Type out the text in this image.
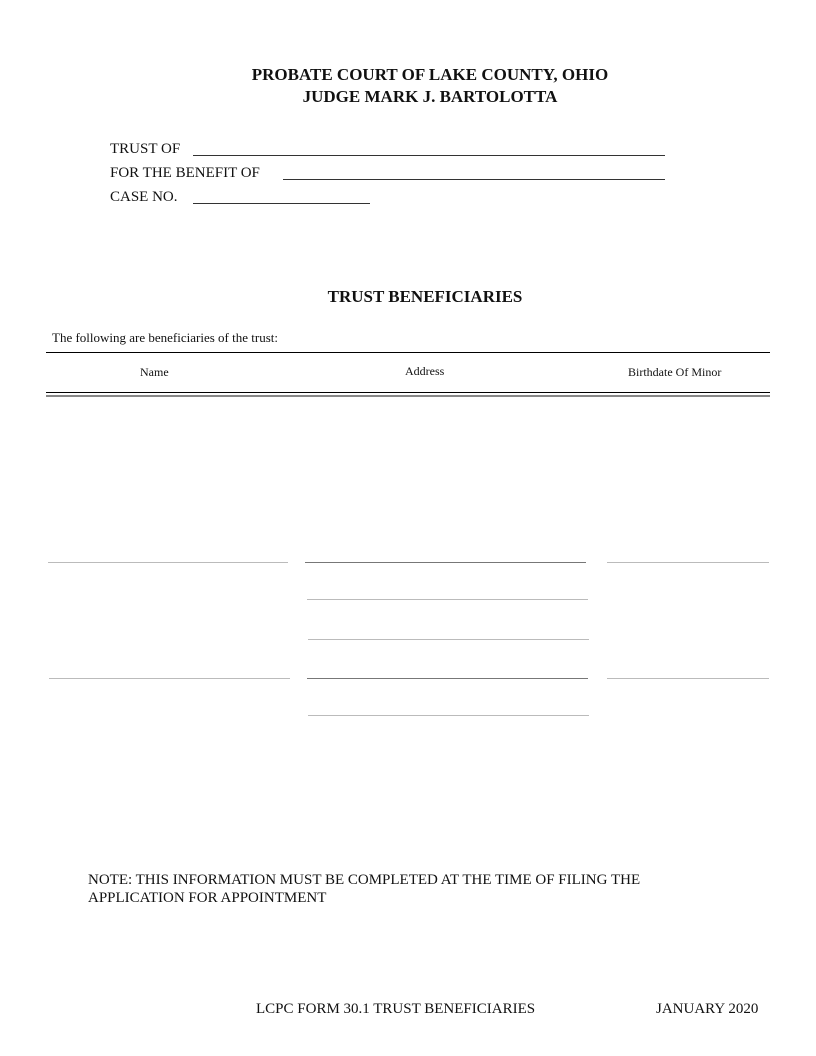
PROBATE COURT OF LAKE COUNTY, OHIO
JUDGE MARK J. BARTOLOTTA
TRUST OF
FOR THE BENEFIT OF
CASE NO.
TRUST BENEFICIARIES
The following are beneficiaries of the trust:
Name	Address	Birthdate Of Minor
NOTE: THIS INFORMATION MUST BE COMPLETED AT THE TIME OF FILING THE APPLICATION FOR APPOINTMENT
LCPC FORM 30.1 TRUST BENEFICIARIES	JANUARY 2020
